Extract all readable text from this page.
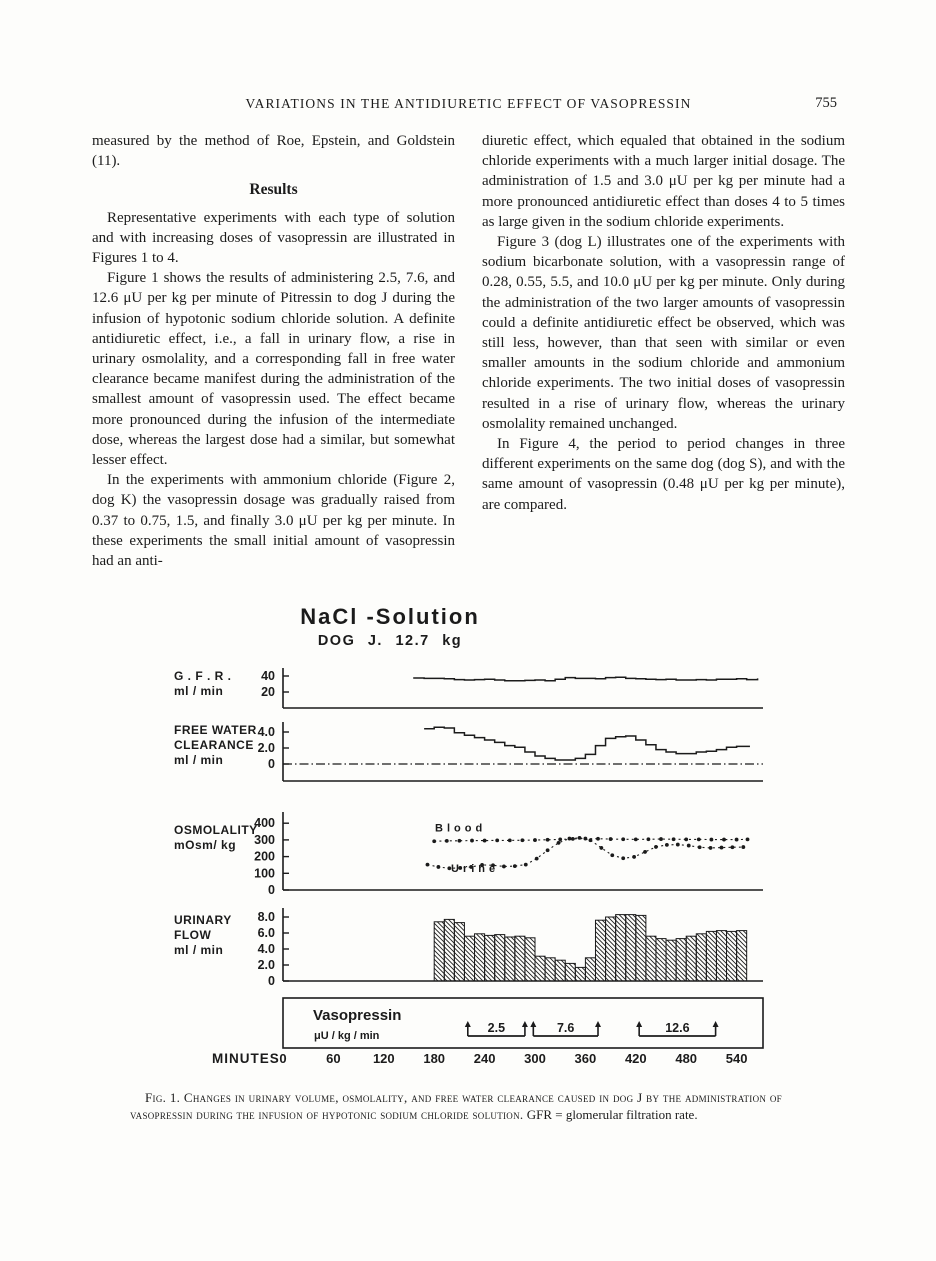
VARIATIONS IN THE ANTIDIURETIC EFFECT OF VASOPRESSIN	755

measured by the method of Roe, Epstein, and Goldstein (11).

Results

Representative experiments with each type of solution and with increasing doses of vasopressin are illustrated in Figures 1 to 4.

Figure 1 shows the results of administering 2.5, 7.6, and 12.6 μU per kg per minute of Pitressin to dog J during the infusion of hypotonic sodium chloride solution. A definite antidiuretic effect, i.e., a fall in urinary flow, a rise in urinary osmolality, and a corresponding fall in free water clearance became manifest during the administration of the smallest amount of vasopressin used. The effect became more pronounced during the infusion of the intermediate dose, whereas the largest dose had a similar, but somewhat lesser effect.

In the experiments with ammonium chloride (Figure 2, dog K) the vasopressin dosage was gradually raised from 0.37 to 0.75, 1.5, and finally 3.0 μU per kg per minute. In these experiments the small initial amount of vasopressin had an anti-

diuretic effect, which equaled that obtained in the sodium chloride experiments with a much larger initial dosage. The administration of 1.5 and 3.0 μU per kg per minute had a more pronounced antidiuretic effect than doses 4 to 5 times as large given in the sodium chloride experiments.

Figure 3 (dog L) illustrates one of the experiments with sodium bicarbonate solution, with a vasopressin range of 0.28, 0.55, 5.5, and 10.0 μU per kg per minute. Only during the administration of the two larger amounts of vasopressin could a definite antidiuretic effect be observed, which was still less, however, than that seen with similar or even smaller amounts in the sodium chloride and ammonium chloride experiments. The two initial doses of vasopressin resulted in a rise of urinary flow, whereas the urinary osmolality remained unchanged.

In Figure 4, the period to period changes in three different experiments on the same dog (dog S), and with the same amount of vasopressin (0.48 μU per kg per minute), are compared.

NaCl -Solution
DOG J. 12.7 kg
40
20
G . F . R .
ml / min
4.0
2.0
0
FREE WATER
CLEARANCE
ml / min
400
300
200
100
0
OSMOLALITY
mOsm/ kg
Blood
Urine
8.0
6.0
4.0
2.0
0
URINARY
FLOW
ml / min
Vasopressin
μU / kg / min
2.5	7.6	12.6
MINUTES 0	60 120 180 240 300 360 420 480 540
Fig. 1. Changes in urinary volume, osmolality, and free water clearance caused in dog J by the administration of vasopressin during the infusion of hypotonic sodium chloride solution. GFR = glomerular filtration rate.
